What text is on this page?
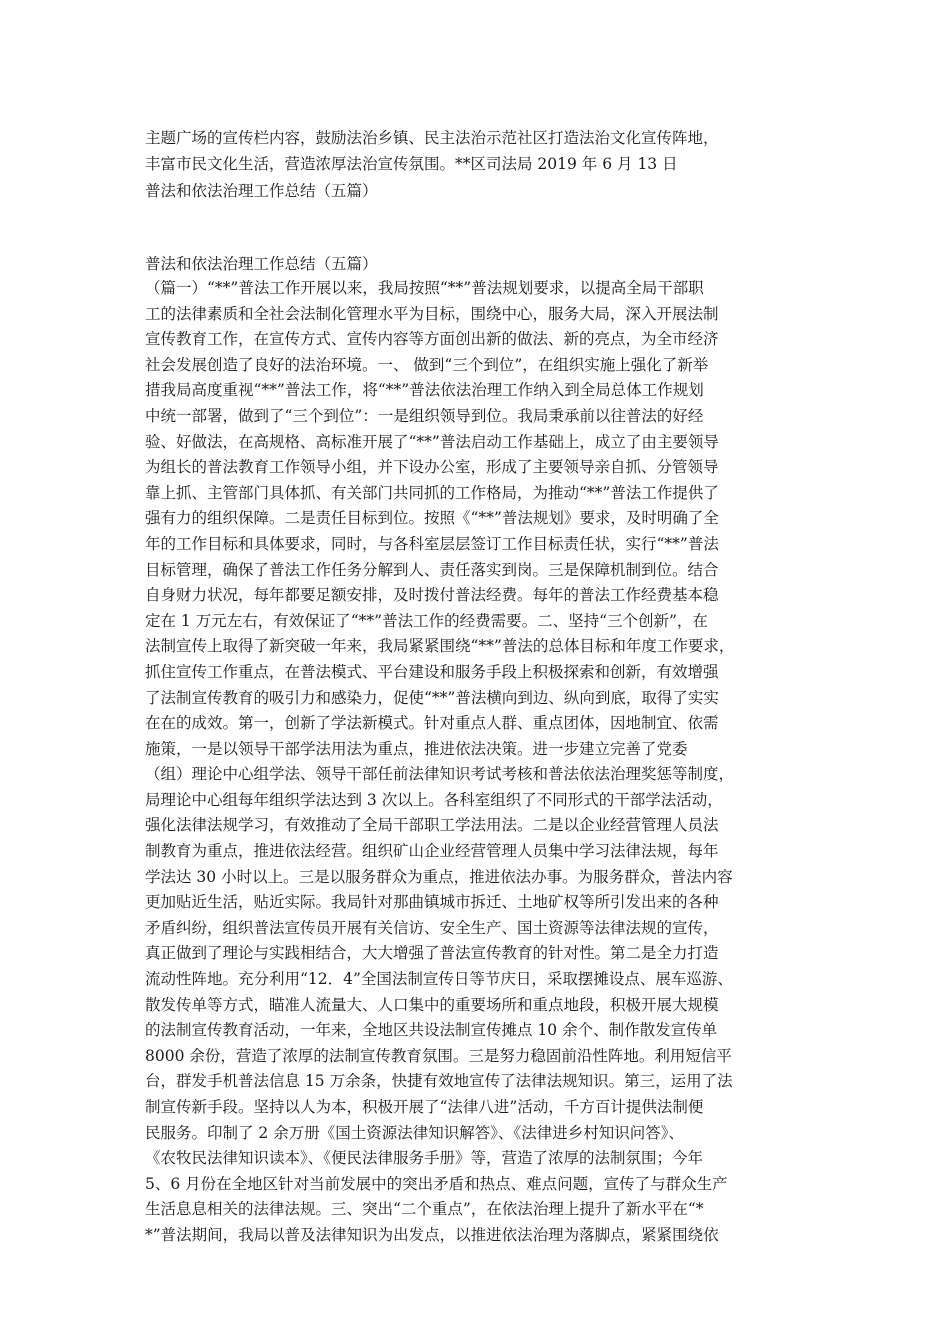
主题广场的宣传栏内容，鼓励法治乡镇、民主法治示范社区打造法治文化宣传阵地，
丰富市民文化生活，营造浓厚法治宣传氛围。**区司法局 2019 年 6 月 13 日
普法和依法治理工作总结（五篇）
普法和依法治理工作总结（五篇）
（篇一）“**”普法工作开展以来，我局按照“**”普法规划要求，以提高全局干部职
工的法律素质和全社会法制化管理水平为目标，围绕中心，服务大局，深入开展法制
宣传教育工作，在宣传方式、宣传内容等方面创出新的做法、新的亮点，为全市经济
社会发展创造了良好的法治环境。一、 做到“三个到位”，在组织实施上强化了新举
措我局高度重视“**”普法工作，将“**”普法依法治理工作纳入到全局总体工作规划
中统一部署，做到了“三个到位”：一是组织领导到位。我局秉承前以往普法的好经
验、好做法，在高规格、高标准开展了“**”普法启动工作基础上，成立了由主要领导
为组长的普法教育工作领导小组，并下设办公室，形成了主要领导亲自抓、分管领导
靠上抓、主管部门具体抓、有关部门共同抓的工作格局，为推动“**”普法工作提供了
强有力的组织保障。二是责任目标到位。按照《“**”普法规划》要求，及时明确了全
年的工作目标和具体要求，同时，与各科室层层签订工作目标责任状，实行“**”普法
目标管理，确保了普法工作任务分解到人、责任落实到岗。三是保障机制到位。结合
自身财力状况，每年都要足额安排，及时拨付普法经费。每年的普法工作经费基本稳
定在 1 万元左右，有效保证了“**”普法工作的经费需要。二、坚持“三个创新”，在
法制宣传上取得了新突破一年来，我局紧紧围绕“**”普法的总体目标和年度工作要求，
抓住宣传工作重点，在普法模式、平台建设和服务手段上积极探索和创新，有效增强
了法制宣传教育的吸引力和感染力，促使“**”普法横向到边、纵向到底，取得了实实
在在的成效。第一，创新了学法新模式。针对重点人群、重点团体，因地制宜、依需
施策，一是以领导干部学法用法为重点，推进依法决策。进一步建立完善了党委
（组）理论中心组学法、领导干部任前法律知识考试考核和普法依法治理奖惩等制度，
局理论中心组每年组织学法达到 3 次以上。各科室组织了不同形式的干部学法活动，
强化法律法规学习，有效推动了全局干部职工学法用法。二是以企业经营管理人员法
制教育为重点，推进依法经营。组织矿山企业经营管理人员集中学习法律法规，每年
学法达 30 小时以上。三是以服务群众为重点，推进依法办事。为服务群众，普法内容
更加贴近生活，贴近实际。我局针对那曲镇城市拆迁、土地矿权等所引发出来的各种
矛盾纠纷，组织普法宣传员开展有关信访、安全生产、国土资源等法律法规的宣传，
真正做到了理论与实践相结合，大大增强了普法宣传教育的针对性。第二是全力打造
流动性阵地。充分利用“12．4”全国法制宣传日等节庆日，采取摆摊设点、展车巡游、
散发传单等方式，瞄准人流量大、人口集中的重要场所和重点地段，积极开展大规模
的法制宣传教育活动，一年来，全地区共设法制宣传摊点 10 余个、制作散发宣传单
8000 余份，营造了浓厚的法制宣传教育氛围。三是努力稳固前沿性阵地。利用短信平
台，群发手机普法信息 15 万余条，快捷有效地宣传了法律法规知识。第三，运用了法
制宣传新手段。坚持以人为本，积极开展了“法律八进”活动，千方百计提供法制便
民服务。印制了 2 余万册《国土资源法律知识解答》、《法律进乡村知识问答》、
《农牧民法律知识读本》、《便民法律服务手册》等，营造了浓厚的法制氛围；今年
5、6 月份在全地区针对当前发展中的突出矛盾和热点、难点问题，宣传了与群众生产
生活息息相关的法律法规。三、突出“二个重点”，在依法治理上提升了新水平在“*
*”普法期间，我局以普及法律知识为出发点，以推进依法治理为落脚点，紧紧围绕依
